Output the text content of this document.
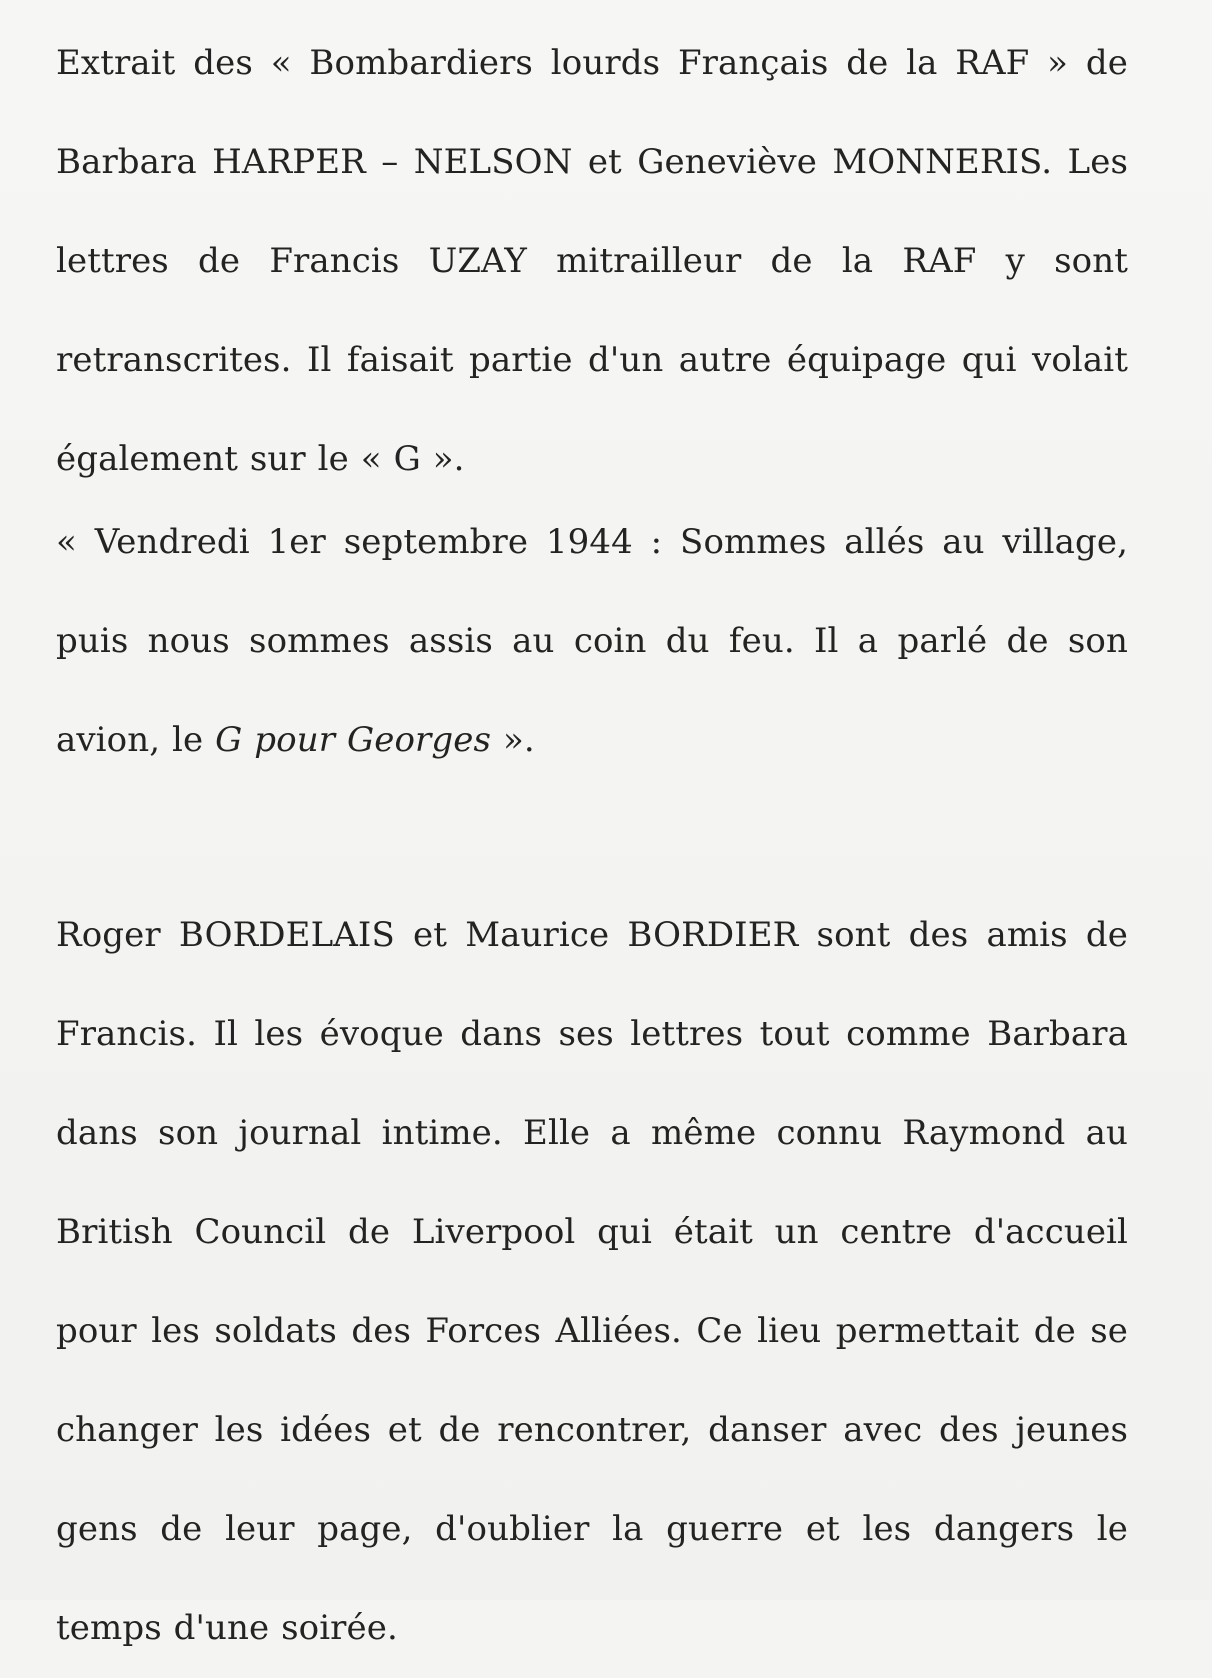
Extrait des « Bombardiers lourds Français de la RAF » de Barbara HARPER – NELSON et Geneviève MONNERIS. Les lettres de Francis UZAY mitrailleur de la RAF y sont retranscrites. Il faisait partie d'un autre équipage qui volait également sur le « G ».

« Vendredi 1er septembre 1944 : Sommes allés au village, puis nous sommes assis au coin du feu. Il a parlé de son avion, le G pour Georges ».

Roger BORDELAIS et Maurice BORDIER sont des amis de Francis. Il les évoque dans ses lettres tout comme Barbara dans son journal intime. Elle a même connu Raymond au British Council de Liverpool qui était un centre d'accueil pour les soldats des Forces Alliées. Ce lieu permettait de se changer les idées et de rencontrer, danser avec des jeunes gens de leur page, d'oublier la guerre et les dangers le temps d'une soirée.
